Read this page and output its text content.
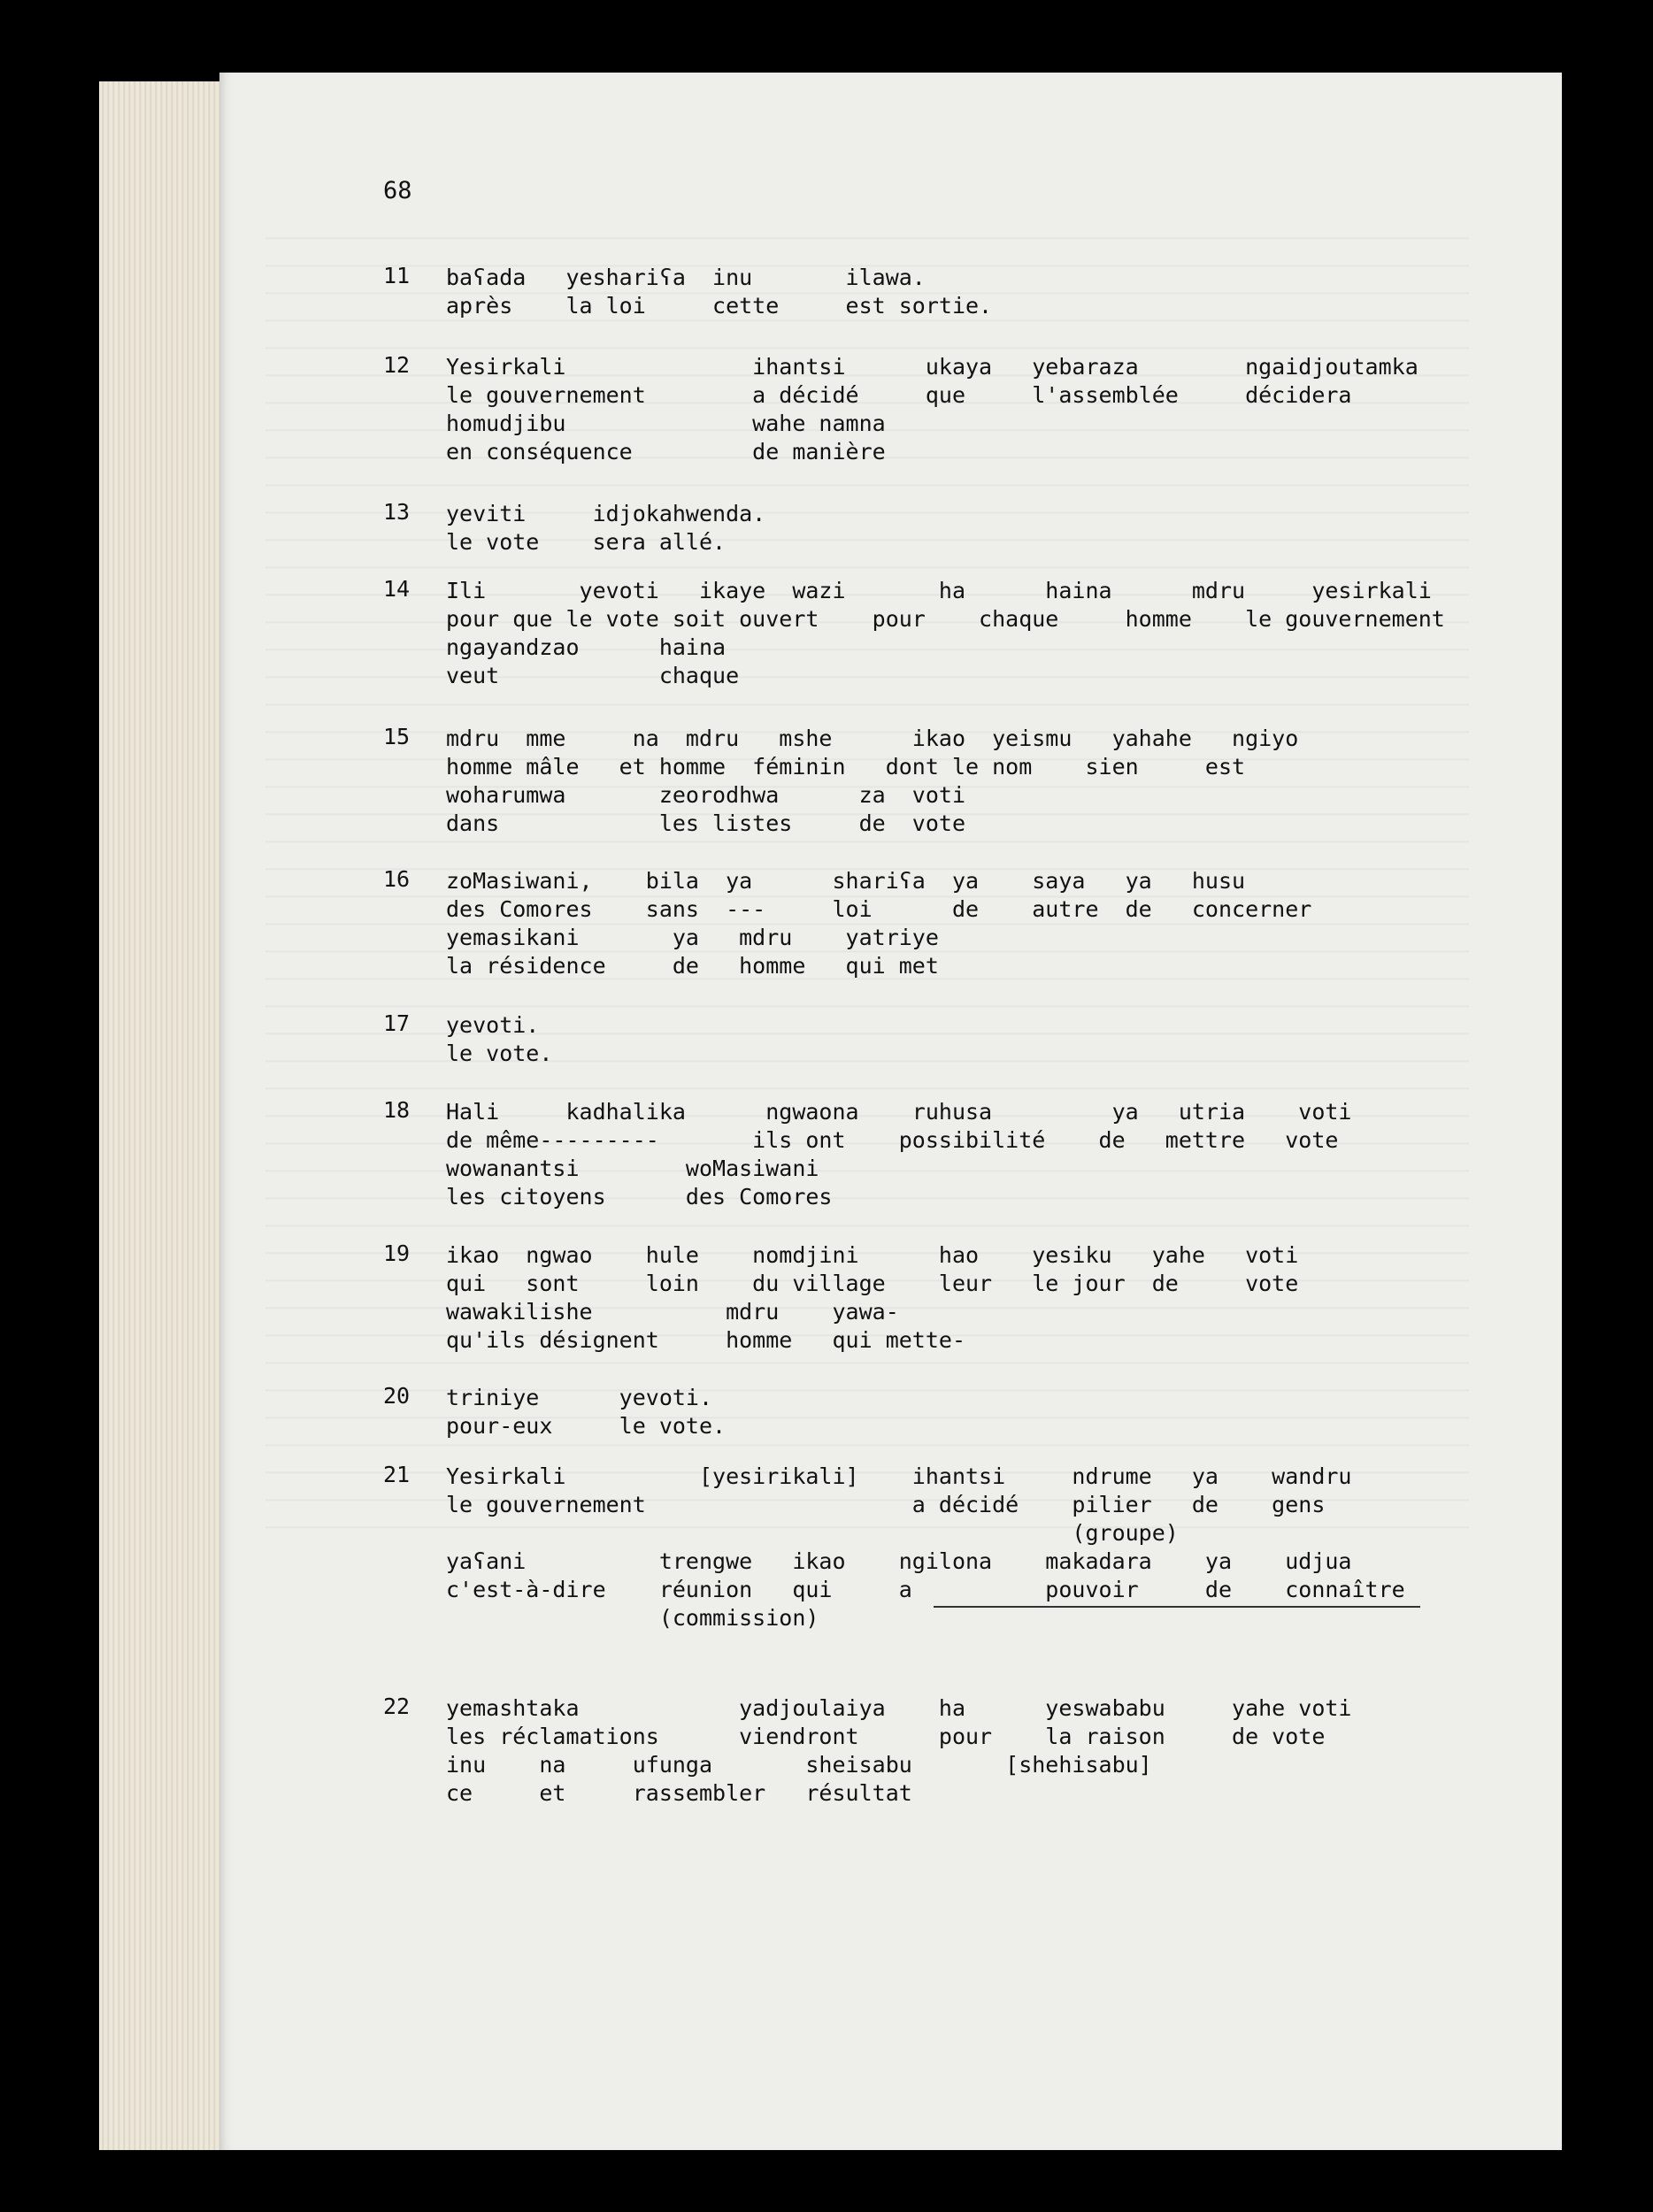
68
11 baʕada   yeshariʕa  inu       ilawa.
après    la loi     cette     est sortie.
12 Yesirkali              ihantsi      ukaya   yebaraza        ngaidjoutamka
le gouvernement        a décidé     que     l'assemblée     décidera
homudjibu              wahe namna
en conséquence         de manière
13 yeviti     idjokahwenda.
le vote    sera allé.
14 Ili       yevoti   ikaye  wazi       ha      haina      mdru     yesirkali
pour que le vote soit ouvert    pour    chaque     homme    le gouvernement
ngayandzao      haina
veut            chaque
15 mdru  mme     na  mdru   mshe      ikao  yeismu   yahahe   ngiyo
homme mâle   et homme  féminin   dont le nom    sien     est
woharumwa       zeorodhwa      za  voti
dans            les listes     de  vote
16 zoMasiwani,    bila  ya      shariʕa  ya    saya   ya   husu
des Comores    sans  ---     loi      de    autre  de   concerner
yemasikani       ya   mdru    yatriye
la résidence     de   homme   qui met
17 yevoti.
le vote.
18 Hali     kadhalika      ngwaona    ruhusa         ya   utria    voti
de même---------       ils ont    possibilité    de   mettre   vote
wowanantsi        woMasiwani
les citoyens      des Comores
19 ikao  ngwao    hule    nomdjini      hao    yesiku   yahe   voti
qui   sont     loin    du village    leur   le jour  de     vote
wawakilishe          mdru    yawa-
qu'ils désignent     homme   qui mette-
20 triniye      yevoti.
pour-eux     le vote.
21 Yesirkali          [yesirikali]    ihantsi     ndrume   ya    wandru
le gouvernement                    a décidé    pilier   de    gens
(groupe)
yaʕani          trengwe   ikao    ngilona    makadara    ya    udjua
c'est-à-dire    réunion   qui     a          pouvoir     de    connaître
(commission)
22 yemashtaka            yadjoulaiya    ha      yeswababu     yahe voti
les réclamations      viendront      pour    la raison     de vote
inu    na     ufunga       sheisabu       [shehisabu]
ce     et     rassembler   résultat
